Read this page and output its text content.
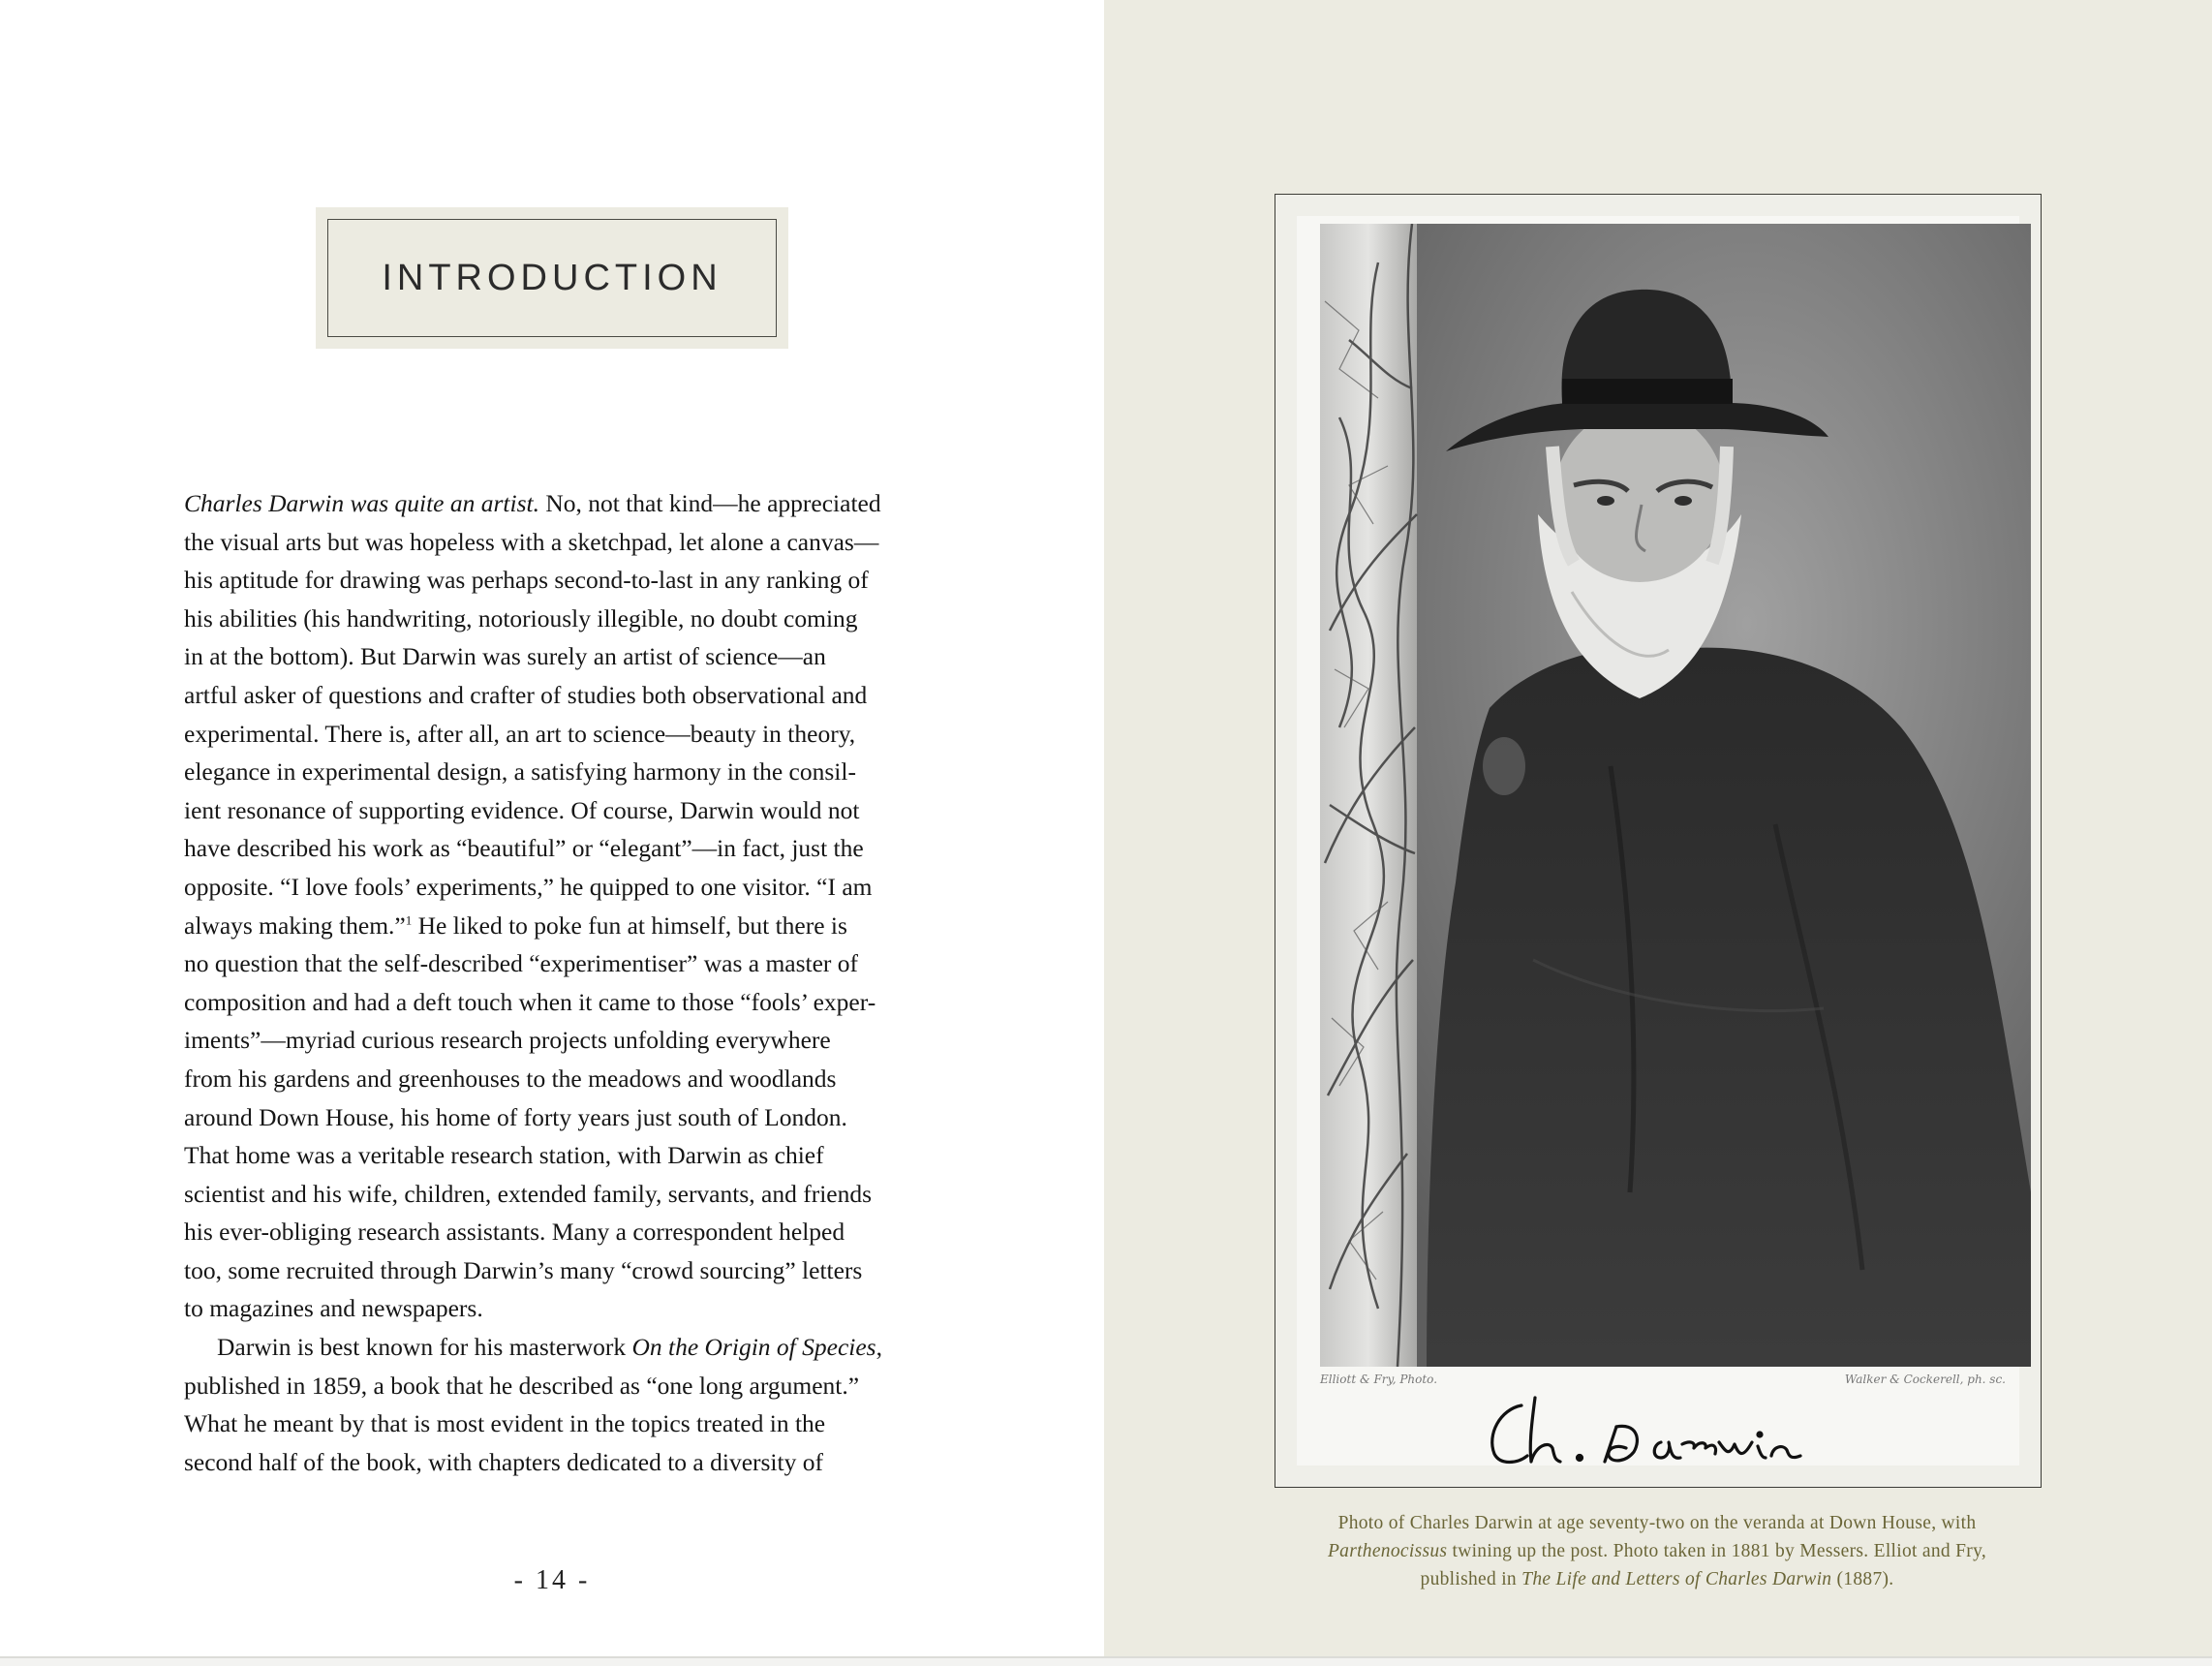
INTRODUCTION
Charles Darwin was quite an artist. No, not that kind—he appreciated
the visual arts but was hopeless with a sketchpad, let alone a canvas—
his aptitude for drawing was perhaps second-to-last in any ranking of
his abilities (his handwriting, notoriously illegible, no doubt coming
in at the bottom). But Darwin was surely an artist of science—an
artful asker of questions and crafter of studies both observational and
experimental. There is, after all, an art to science—beauty in theory,
elegance in experimental design, a satisfying harmony in the consil-
ient resonance of supporting evidence. Of course, Darwin would not
have described his work as “beautiful” or “elegant”—in fact, just the
opposite. “I love fools’ experiments,” he quipped to one visitor. “I am
always making them.”$^1$ He liked to poke fun at himself, but there is
no question that the self-described “experimentiser” was a master of
composition and had a deft touch when it came to those “fools’ exper-
iments”—myriad curious research projects unfolding everywhere
from his gardens and greenhouses to the meadows and woodlands
around Down House, his home of forty years just south of London.
That home was a veritable research station, with Darwin as chief
scientist and his wife, children, extended family, servants, and friends
his ever-obliging research assistants. Many a correspondent helped
too, some recruited through Darwin’s many “crowd sourcing” letters
to magazines and newspapers.
Darwin is best known for his masterwork On the Origin of Species,
published in 1859, a book that he described as “one long argument.”
What he meant by that is most evident in the topics treated in the
second half of the book, with chapters dedicated to a diversity of
- 14 -
Elliott & Fry, Photo.	Walker & Cockerell, ph. sc.
Photo of Charles Darwin at age seventy-two on the veranda at Down House, with
Parthenocissus twining up the post. Photo taken in 1881 by Messers. Elliot and Fry,
published in The Life and Letters of Charles Darwin (1887).
